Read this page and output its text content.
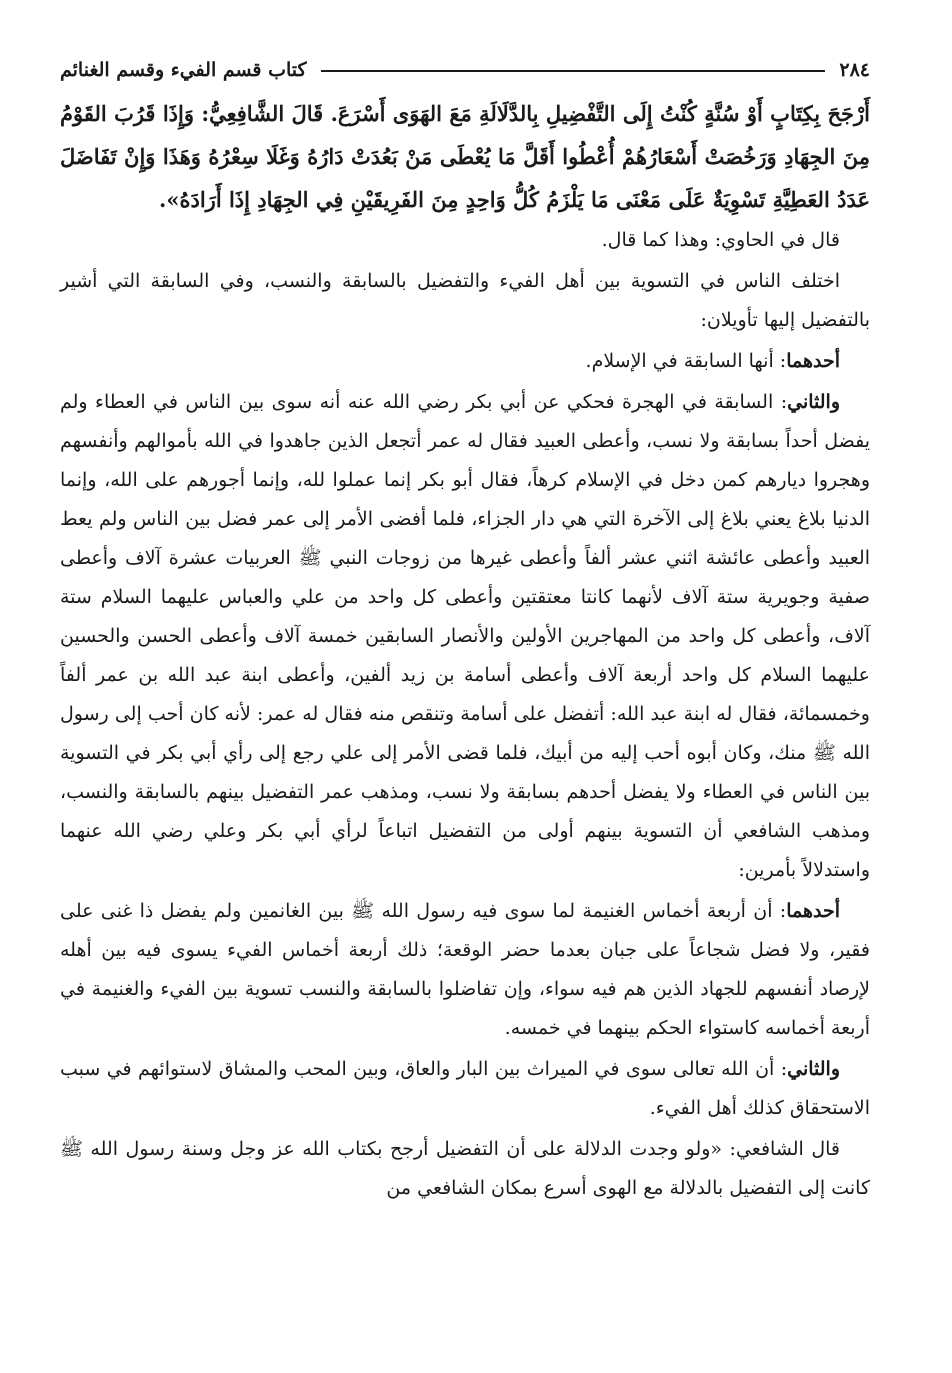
٢٨٤
كتاب قسم الفيء وقسم الغنائم
أَرْجَحَ بِكِتَابٍ أَوْ سُنَّةٍ كُنْتُ إِلَى التَّفْضِيلِ بِالدَّلَالَةِ مَعَ الهَوَى أَسْرَعَ. قَالَ الشَّافِعِيُّ: وَإِذَا قَرُبَ القَوْمُ مِنَ الجِهَادِ وَرَخُصَتْ أَسْعَارُهُمْ أُعْطُوا أَقَلَّ مَا يُعْطَى مَنْ بَعُدَتْ دَارُهُ وَغَلَا سِعْرُهُ وَهَذَا وَإِنْ تَفَاضَلَ عَدَدُ العَطِيَّةِ تَسْوِيَةٌ عَلَى مَعْنَى مَا يَلْزَمُ كُلُّ وَاحِدٍ مِنَ الفَرِيقَيْنِ فِي الجِهَادِ إِذَا أَرَادَهُ».

قال في الحاوي: وهذا كما قال.

اختلف الناس في التسوية بين أهل الفيء والتفضيل بالسابقة والنسب، وفي السابقة التي أشير بالتفضيل إليها تأويلان:

أحدهما: أنها السابقة في الإسلام.

والثاني: السابقة في الهجرة فحكي عن أبي بكر رضي الله عنه أنه سوى بين الناس في العطاء ولم يفضل أحداً بسابقة ولا نسب، وأعطى العبيد فقال له عمر أتجعل الذين جاهدوا في الله بأموالهم وأنفسهم وهجروا ديارهم كمن دخل في الإسلام كرهاً، فقال أبو بكر إنما عملوا لله، وإنما أجورهم على الله، وإنما الدنيا بلاغ يعني بلاغ إلى الآخرة التي هي دار الجزاء، فلما أفضى الأمر إلى عمر فضل بين الناس ولم يعط العبيد وأعطى عائشة اثني عشر ألفاً وأعطى غيرها من زوجات النبي ﷺ العربيات عشرة آلاف وأعطى صفية وجويرية ستة آلاف لأنهما كانتا معتقتين وأعطى كل واحد من علي والعباس عليهما السلام ستة آلاف، وأعطى كل واحد من المهاجرين الأولين والأنصار السابقين خمسة آلاف وأعطى الحسن والحسين عليهما السلام كل واحد أربعة آلاف وأعطى أسامة بن زيد ألفين، وأعطى ابنة عبد الله بن عمر ألفاً وخمسمائة، فقال له ابنة عبد الله: أتفضل على أسامة وتنقص منه فقال له عمر: لأنه كان أحب إلى رسول الله ﷺ منك، وكان أبوه أحب إليه من أبيك، فلما قضى الأمر إلى علي رجع إلى رأي أبي بكر في التسوية بين الناس في العطاء ولا يفضل أحدهم بسابقة ولا نسب، ومذهب عمر التفضيل بينهم بالسابقة والنسب، ومذهب الشافعي أن التسوية بينهم أولى من التفضيل اتباعاً لرأي أبي بكر وعلي رضي الله عنهما واستدلالاً بأمرين:

أحدهما: أن أربعة أخماس الغنيمة لما سوى فيه رسول الله ﷺ بين الغانمين ولم يفضل ذا غنى على فقير، ولا فضل شجاعاً على جبان بعدما حضر الوقعة؛ ذلك أربعة أخماس الفيء يسوى فيه بين أهله لإرصاد أنفسهم للجهاد الذين هم فيه سواء، وإن تفاضلوا بالسابقة والنسب تسوية بين الفيء والغنيمة في أربعة أخماسه كاستواء الحكم بينهما في خمسه.

والثاني: أن الله تعالى سوى في الميراث بين البار والعاق، وبين المحب والمشاق لاستوائهم في سبب الاستحقاق كذلك أهل الفيء.

قال الشافعي: «ولو وجدت الدلالة على أن التفضيل أرجح بكتاب الله عز وجل وسنة رسول الله ﷺ كانت إلى التفضيل بالدلالة مع الهوى أسرع بمكان الشافعي من
